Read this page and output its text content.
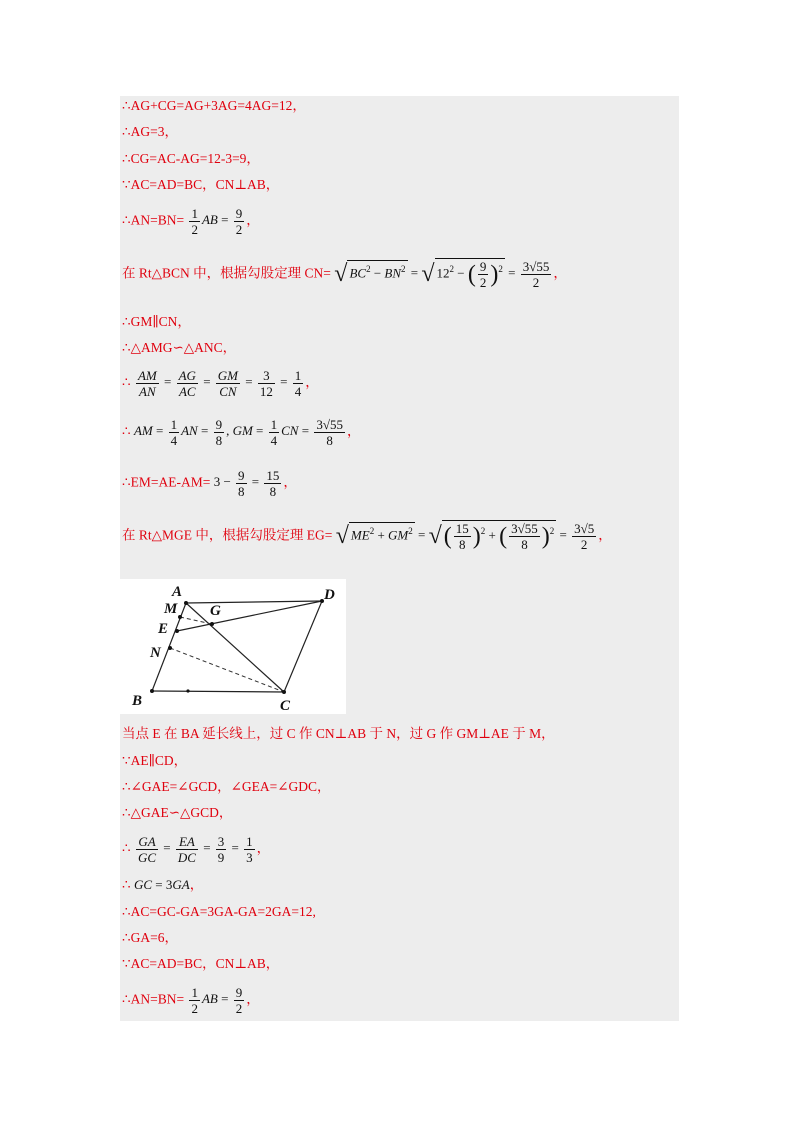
∴AG+CG=AG+3AG=4AG=12，
∴AG=3，
∴CG=AC-AG=12-3=9，
∵AC=AD=BC，CN⊥AB，
∴AN=BN= $\frac{1}{2}$ AB = $\frac{9}{2}$ ，
在 Rt△BCN 中，根据勾股定理 CN= √ $BC^2 - BN^2$ = √ $12^2$ − ( $\frac{9}{2} )^2 = \frac{3√55}{2}$ ，
∴GM∥CN，
∴△AMG∽△ANC，
∴ $\frac{AM}{AN} = \frac{AG}{AC} = \frac{GM}{CN} = \frac{3}{12} = \frac{1}{4}$ ，
∴ AM = $\frac{1}{4}$ AN = $\frac{9}{8}$ , GM = $\frac{1}{4}$ CN = $\frac{3√55}{8}$ ，
∴EM=AE-AM= $3 - \frac{9}{8} = \frac{15}{8}$ ，
在 Rt△MGE 中，根据勾股定理 EG= √ $ME^2 + GM^2$ = √( $\frac{15}{8} )^2$ + ( $\frac{3√55}{8} )^2 = \frac{3√5}{2}$ ，
A
M G
D
E
N
B	C
当点 E 在 BA 延长线上，过 C 作 CN⊥AB 于 N，过 G 作 GM⊥AE 于 M，
∵AE∥CD，
∴∠GAE=∠GCD，∠GEA=∠GDC，
∴△GAE∽△GCD，
∴ $\frac{GA}{GC} = \frac{EA}{DC} = \frac{3}{9} = \frac{1}{3}$ ，
∴ GC = 3GA，
∴AC=GC-GA=3GA-GA=2GA=12,
∴GA=6，
∵AC=AD=BC，CN⊥AB，
∴AN=BN= $\frac{1}{2}$ AB = $\frac{9}{2}$ ，
